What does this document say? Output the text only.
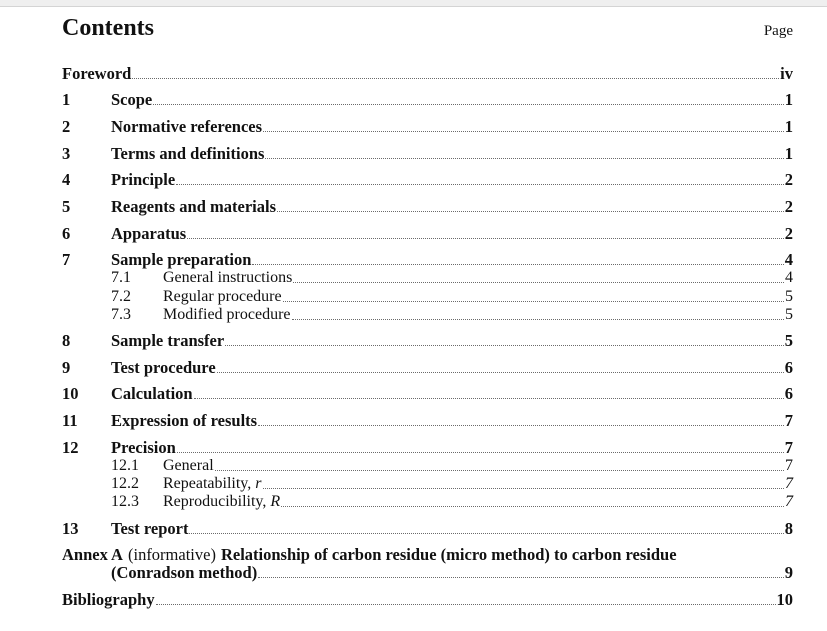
Contents	Page
Foreword	iv
1	Scope	1
2	Normative references	1
3	Terms and definitions	1
4	Principle	2
5	Reagents and materials	2
6	Apparatus	2
7	Sample preparation	4
7.1	General instructions	4
7.2	Regular procedure	5
7.3	Modified procedure	5
8	Sample transfer	5
9	Test procedure	6
10	Calculation	6
11	Expression of results	7
12	Precision	7
12.1	General	7
12.2	Repeatability, r	7
12.3	Reproducibility, R	7
13	Test report	8
Annex A (informative) Relationship of carbon residue (micro method) to carbon residue
(Conradson method)	9
Bibliography	10
